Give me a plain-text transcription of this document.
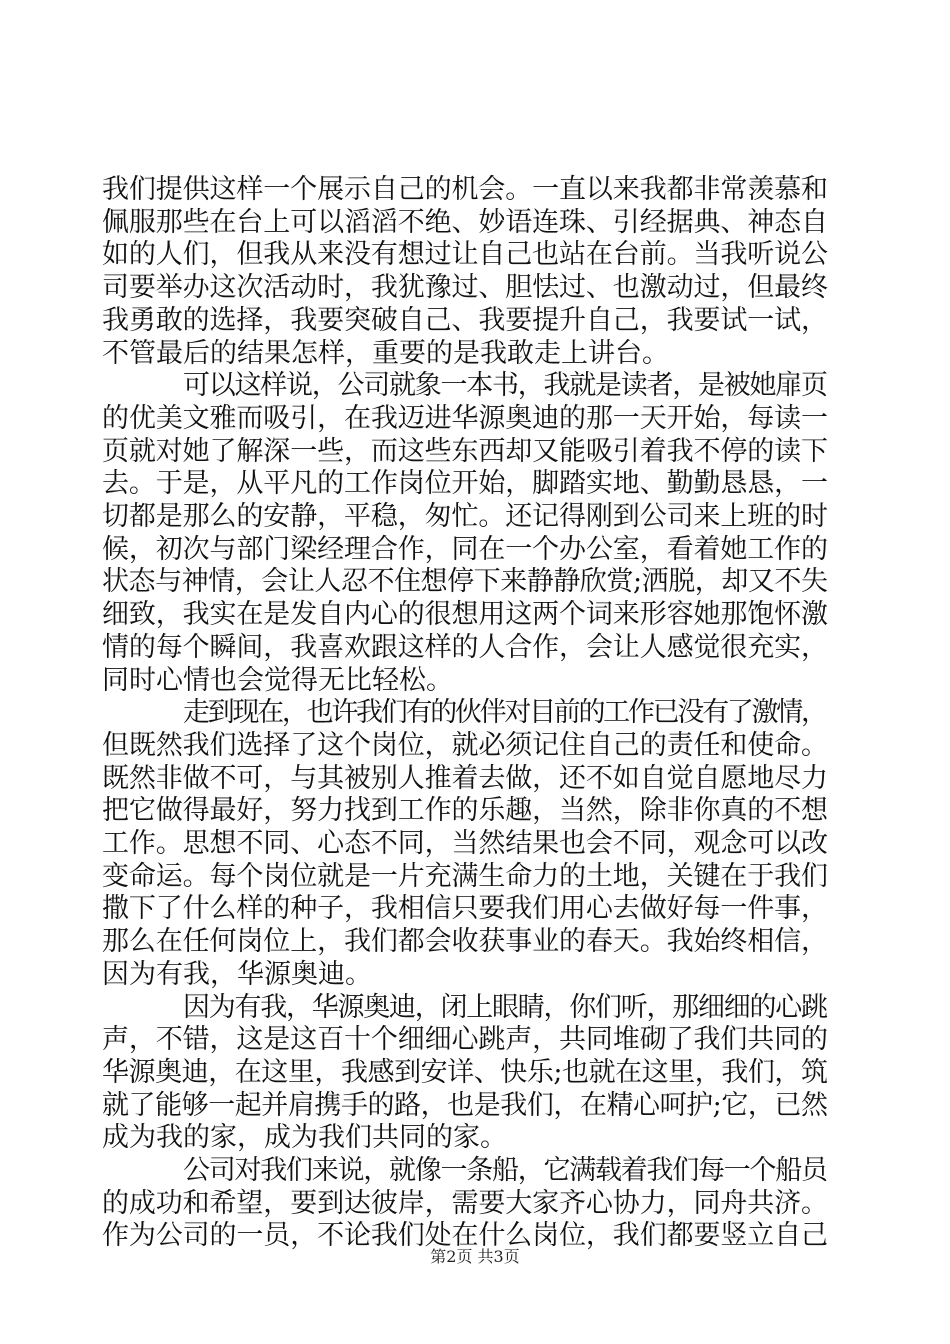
我们提供这样一个展示自己的机会。一直以来我都非常羡慕和
佩服那些在台上可以滔滔不绝、妙语连珠、引经据典、神态自
如的人们，但我从来没有想过让自己也站在台前。当我听说公
司要举办这次活动时，我犹豫过、胆怯过、也激动过，但最终
我勇敢的选择，我要突破自己、我要提升自己，我要试一试，
不管最后的结果怎样，重要的是我敢走上讲台。
可以这样说，公司就象一本书，我就是读者，是被她扉页
的优美文雅而吸引，在我迈进华源奥迪的那一天开始，每读一
页就对她了解深一些，而这些东西却又能吸引着我不停的读下
去。于是，从平凡的工作岗位开始，脚踏实地、勤勤恳恳，一
切都是那么的安静，平稳，匆忙。还记得刚到公司来上班的时
候，初次与部门梁经理合作，同在一个办公室，看着她工作的
状态与神情，会让人忍不住想停下来静静欣赏;洒脱，却又不失
细致，我实在是发自内心的很想用这两个词来形容她那饱怀激
情的每个瞬间，我喜欢跟这样的人合作，会让人感觉很充实，
同时心情也会觉得无比轻松。
走到现在，也许我们有的伙伴对目前的工作已没有了激情，
但既然我们选择了这个岗位，就必须记住自己的责任和使命。
既然非做不可，与其被别人推着去做，还不如自觉自愿地尽力
把它做得最好，努力找到工作的乐趣，当然，除非你真的不想
工作。思想不同、心态不同，当然结果也会不同，观念可以改
变命运。每个岗位就是一片充满生命力的土地，关键在于我们
撒下了什么样的种子，我相信只要我们用心去做好每一件事，
那么在任何岗位上，我们都会收获事业的春天。我始终相信，
因为有我，华源奥迪。
因为有我，华源奥迪，闭上眼睛，你们听，那细细的心跳
声，不错，这是这百十个细细心跳声，共同堆砌了我们共同的
华源奥迪，在这里，我感到安详、快乐;也就在这里，我们，筑
就了能够一起并肩携手的路，也是我们，在精心呵护;它，已然
成为我的家，成为我们共同的家。
公司对我们来说，就像一条船，它满载着我们每一个船员
的成功和希望，要到达彼岸，需要大家齐心协力，同舟共济。
作为公司的一员，不论我们处在什么岗位，我们都要竖立自己
第2页 共3页
